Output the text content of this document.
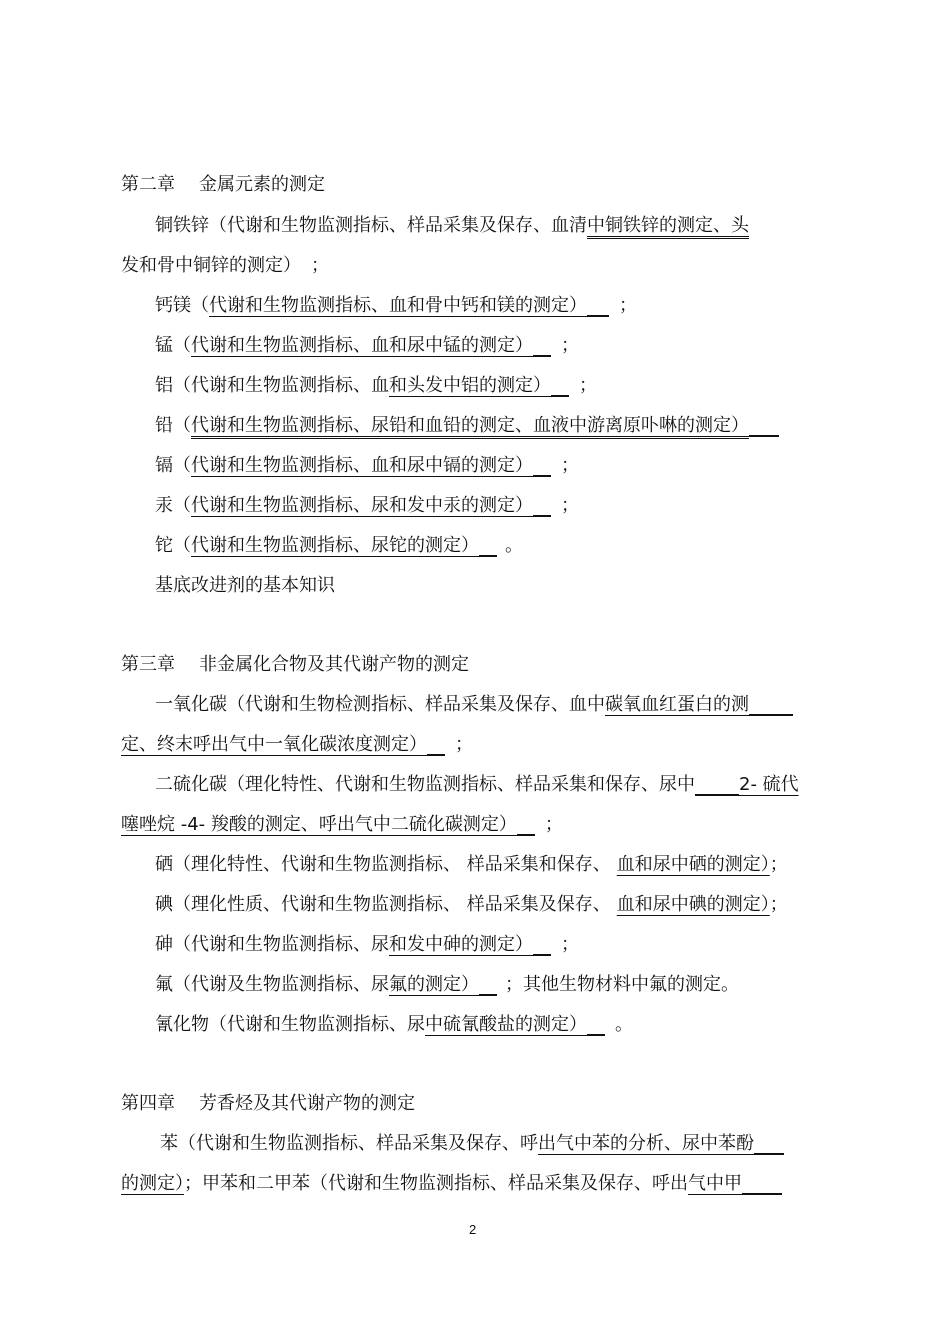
第二章 金属元素的测定
铜铁锌（代谢和生物监测指标、样品采集及保存、血清中铜铁锌的测定、头
发和骨中铜锌的测定） ；
钙镁（代谢和生物监测指标、血和骨中钙和镁的测定） ；
锰（代谢和生物监测指标、血和尿中锰的测定） ；
铝（代谢和生物监测指标、血和头发中铝的测定） ；
铅（代谢和生物监测指标、尿铅和血铅的测定、血液中游离原卟啉的测定）
镉（代谢和生物监测指标、血和尿中镉的测定） ；
汞（代谢和生物监测指标、尿和发中汞的测定） ；
铊（代谢和生物监测指标、尿铊的测定） 。
基底改进剂的基本知识
第三章 非金属化合物及其代谢产物的测定
一氧化碳（代谢和生物检测指标、样品采集及保存、血中碳氧血红蛋白的测
定、终末呼出气中一氧化碳浓度测定） ；
二硫化碳（理化特性、代谢和生物监测指标、样品采集和保存、尿中 2- 硫代
噻唑烷 -4- 羧酸的测定、呼出气中二硫化碳测定） ；
硒（理化特性、代谢和生物监测指标、 样品采集和保存、 血和尿中硒的测定）；
碘（理化性质、代谢和生物监测指标、 样品采集及保存、 血和尿中碘的测定）；
砷（代谢和生物监测指标、尿和发中砷的测定） ；
氟（代谢及生物监测指标、尿氟的测定） ；其他生物材料中氟的测定。
氰化物（代谢和生物监测指标、尿中硫氰酸盐的测定） 。
第四章 芳香烃及其代谢产物的测定
苯（代谢和生物监测指标、样品采集及保存、呼出气中苯的分析、尿中苯酚
的测定）；甲苯和二甲苯（代谢和生物监测指标、样品采集及保存、呼出气中甲
2
